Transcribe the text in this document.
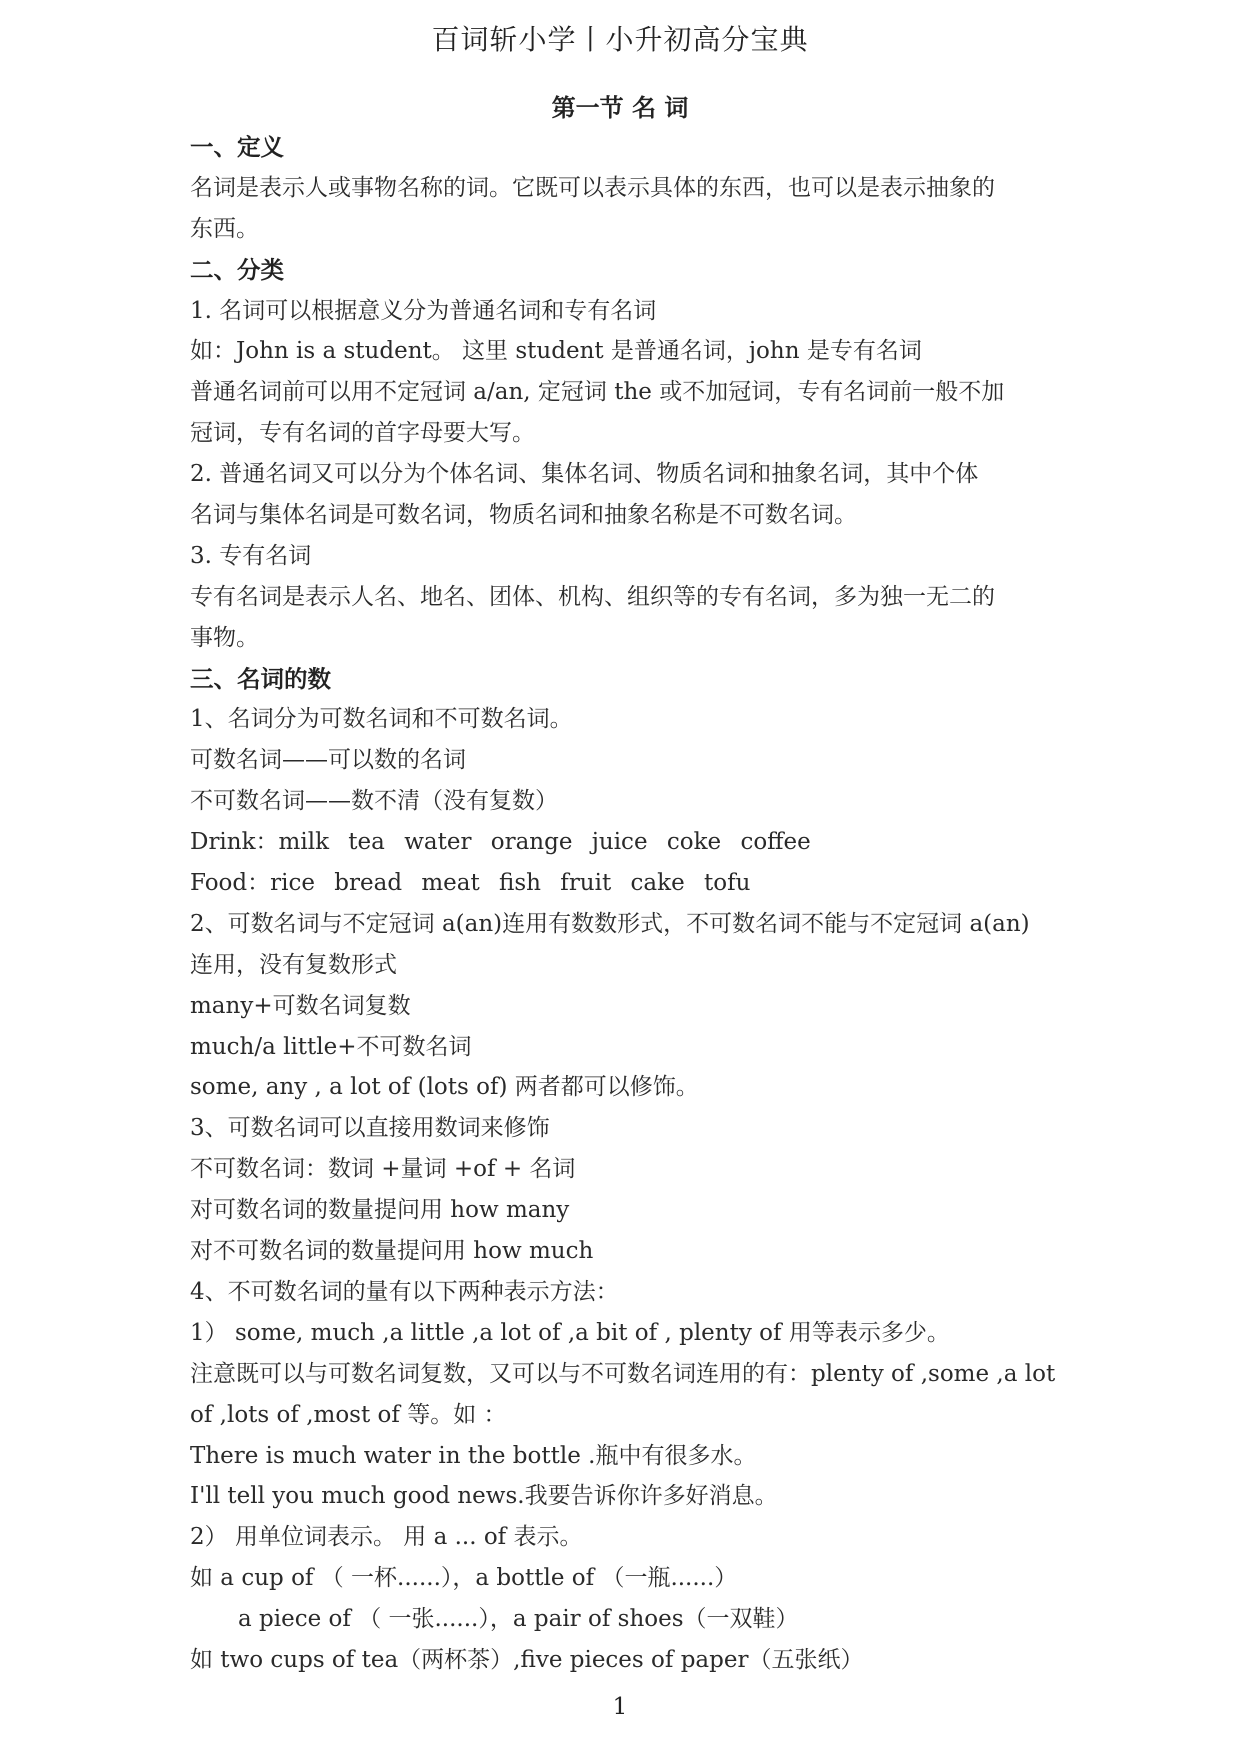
百词斩小学丨小升初高分宝典
第一节 名 词
一、定义
名词是表示人或事物名称的词。它既可以表示具体的东西，也可以是表示抽象的
东西。
二、分类
1. 名词可以根据意义分为普通名词和专有名词
如：John is a student。 这里 student 是普通名词，john 是专有名词
普通名词前可以用不定冠词 a/an, 定冠词 the 或不加冠词，专有名词前一般不加
冠词，专有名词的首字母要大写。
2. 普通名词又可以分为个体名词、集体名词、物质名词和抽象名词，其中个体
名词与集体名词是可数名词，物质名词和抽象名称是不可数名词。
3. 专有名词
专有名词是表示人名、地名、团体、机构、组织等的专有名词，多为独一无二的
事物。
三、名词的数
1、名词分为可数名词和不可数名词。
可数名词——可以数的名词
不可数名词——数不清（没有复数）
Drink：milk tea water orange juice coke coffee
Food：rice bread meat fish fruit cake tofu
2、可数名词与不定冠词 a(an)连用有数数形式，不可数名词不能与不定冠词 a(an)
连用，没有复数形式
many+可数名词复数
much/a little+不可数名词
some, any , a lot of (lots of) 两者都可以修饰。
3、可数名词可以直接用数词来修饰
不可数名词：数词 +量词 +of + 名词
对可数名词的数量提问用 how many
对不可数名词的数量提问用 how much
4、不可数名词的量有以下两种表示方法：
1） some, much ,a little ,a lot of ,a bit of , plenty of 用等表示多少。
注意既可以与可数名词复数，又可以与不可数名词连用的有：plenty of ,some ,a lot
of ,lots of ,most of 等。如 ：
There is much water in the bottle .瓶中有很多水。
I'll tell you much good news.我要告诉你许多好消息。
2） 用单位词表示。 用 a ... of 表示。
如 a cup of （ 一杯......），a bottle of （一瓶......）
a piece of （ 一张......），a pair of shoes（一双鞋）
如 two cups of tea（两杯茶）,five pieces of paper（五张纸）
1
